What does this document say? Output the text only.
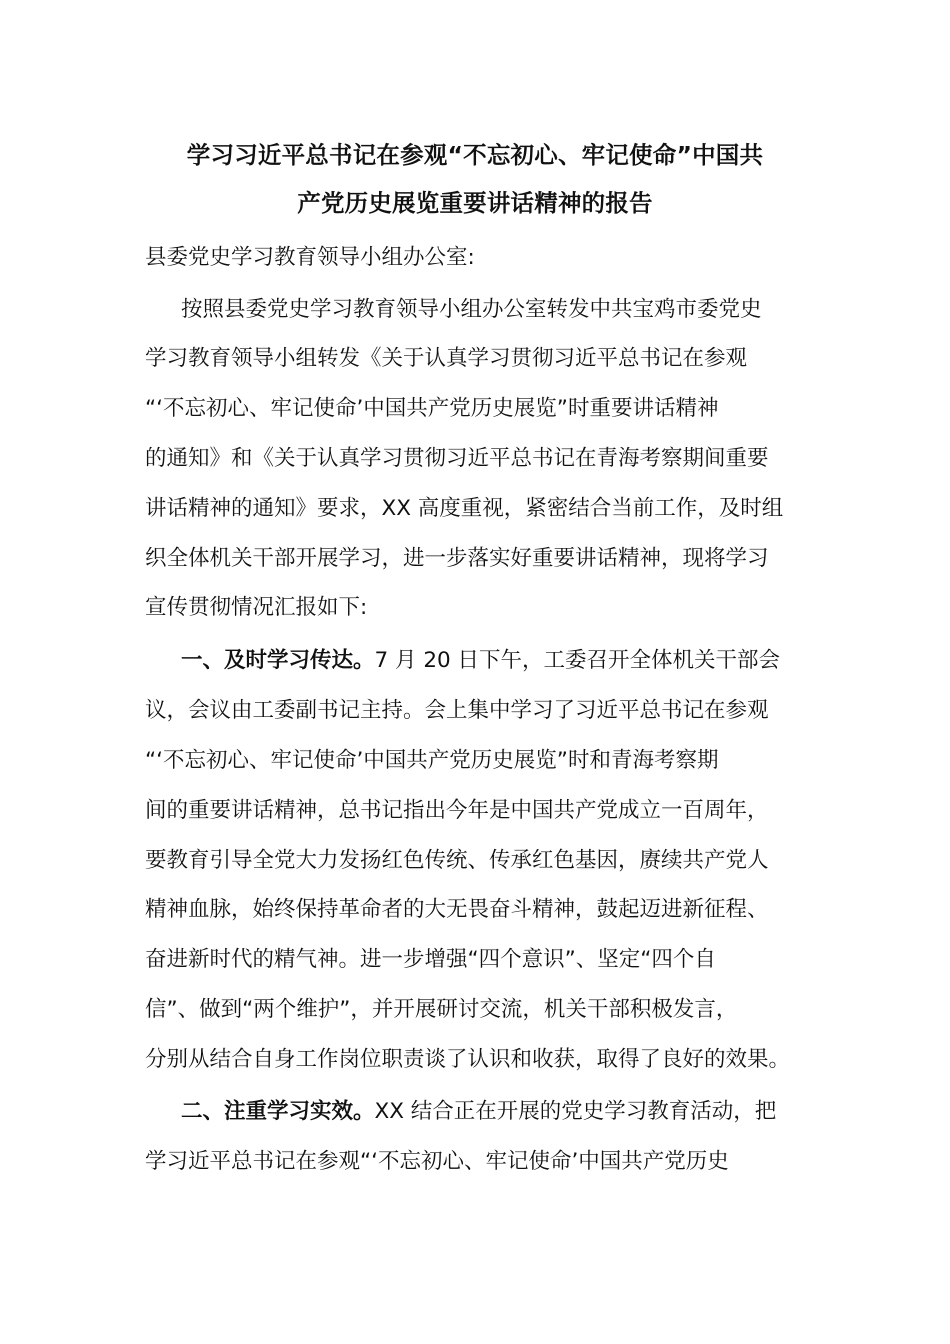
学习习近平总书记在参观“不忘初心、牢记使命”中国共
产党历史展览重要讲话精神的报告
县委党史学习教育领导小组办公室:
按照县委党史学习教育领导小组办公室转发中共宝鸡市委党史
学习教育领导小组转发《关于认真学习贯彻习近平总书记在参观
“‘不忘初心、牢记使命’中国共产党历史展览”时重要讲话精神
的通知》和《关于认真学习贯彻习近平总书记在青海考察期间重要
讲话精神的通知》要求，XX 高度重视，紧密结合当前工作，及时组
织全体机关干部开展学习，进一步落实好重要讲话精神，现将学习
宣传贯彻情况汇报如下:
一、及时学习传达。7 月 20 日下午，工委召开全体机关干部会
议，会议由工委副书记主持。会上集中学习了习近平总书记在参观
“‘不忘初心、牢记使命’中国共产党历史展览”时和青海考察期
间的重要讲话精神，总书记指出今年是中国共产党成立一百周年，
要教育引导全党大力发扬红色传统、传承红色基因，赓续共产党人
精神血脉，始终保持革命者的大无畏奋斗精神，鼓起迈进新征程、
奋进新时代的精气神。进一步增强“四个意识”、坚定“四个自
信”、做到“两个维护”，并开展研讨交流，机关干部积极发言，
分别从结合自身工作岗位职责谈了认识和收获，取得了良好的效果。
二、注重学习实效。XX 结合正在开展的党史学习教育活动，把
学习近平总书记在参观“‘不忘初心、牢记使命’中国共产党历史
